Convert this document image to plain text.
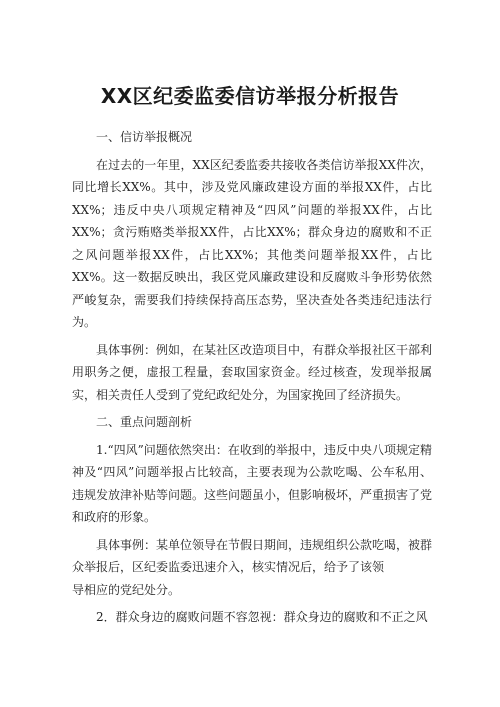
XX区纪委监委信访举报分析报告

一、信访举报概况

在过去的一年里，XX区纪委监委共接收各类信访举报XX件次，同比增长XX%。其中，涉及党风廉政建设方面的举报XX件，占比XX%；违反中央八项规定精神及“四风”问题的举报XX件，占比XX%；贪污贿赂类举报XX件，占比XX%；群众身边的腐败和不正之风问题举报XX件，占比XX%；其他类问题举报XX件，占比XX%。这一数据反映出，我区党风廉政建设和反腐败斗争形势依然严峻复杂，需要我们持续保持高压态势，坚决查处各类违纪违法行为。

具体事例：例如，在某社区改造项目中，有群众举报社区干部利用职务之便，虚报工程量，套取国家资金。经过核查，发现举报属实，相关责任人受到了党纪政纪处分，为国家挽回了经济损失。

二、重点问题剖析

1.“四风”问题依然突出：在收到的举报中，违反中央八项规定精神及“四风”问题举报占比较高，主要表现为公款吃喝、公车私用、违规发放津补贴等问题。这些问题虽小，但影响极坏，严重损害了党和政府的形象。

具体事例：某单位领导在节假日期间，违规组织公款吃喝，被群
众举报后，区纪委监委迅速介入，核实情况后，给予了该领
导相应的党纪处分。

2．群众身边的腐败问题不容忽视：群众身边的腐败和不正之风
